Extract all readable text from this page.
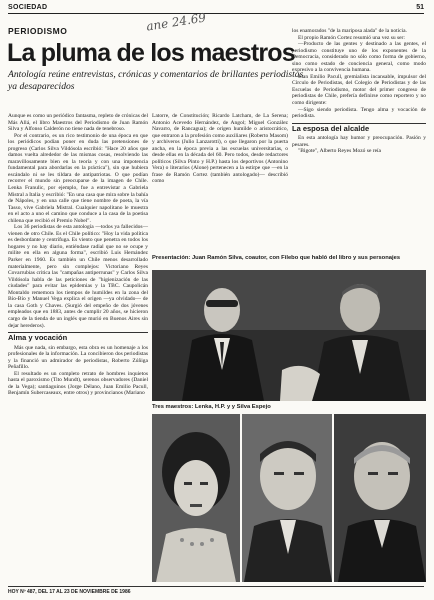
SOCIEDAD	51
ane 24.69
PERIODISMO
La pluma de los maestros
Antología reúne entrevistas, crónicas y comentarios de brillantes periodistas ya desaparecidos

Aunque es como un periódico fantasma, repleto de crónicas del Más Allá, el libro Maestros del Periodismo de Juan Ramón Silva y Alfonso Calderón no tiene nada de tenebroso.

Por el contrario, es un rico testimonio de una época en que los periódicos podían poner en duda las pretensiones de progreso (Carlos Silva Vildósola escribió: "Hace 20 años que damos vuelta alrededor de las mismas cosas, resolviendo las maravillosamente bien en la teoría y con una impotencia fundamental para abordarlas en la práctica"), sin que hubiera escándalo ni se les tildara de antipatriotas. O que podían recorrer el mundo sin preocuparse de la imagen de Chile. Lenka Franulic, por ejemplo, fue a entrevistar a Gabriela Mistral a Italia y escribió: "En una casa que mira sobre la bahía de Nápoles, y en una calle que tiene nombre de poeta, la vía Tasso, vive Gabriela Mistral. Cualquier napolitano le muestra en el acto a uno el camino que conduce a la casa de la poetisa chilena que recibió el Premio Nobel".

Los 36 periodistas de esta antología —todos ya fallecidos— vienen de otro Chile. Es el Chile político: "Hoy la vida política es desbordante y centrífuga. Es viento que penetra en todos los hogares y no hay diario, entiéndase radial que no se ocupe y milite en ella en alguna forma", escribió Luis Hernández Parker en 1960. Es también un Chile menos desarrollado materialmente, pero sin complejos: Victoriano Reyes Covarrubias critica las "campañas antiperrunas" y Carlos Silva Vildósola habla de las peticiones de "higienización de las ciudades" para evitar las epidemias y la TBC. Caupolicán Montaldo rememora los tiempos de humildes en la zona del Bío-Bío y Manuel Vega explica el origen —ya olvidado— de la casa Goth y Chaves. (Surgió del empeño de dos jóvenes empleados que en 1883, antes de cumplir 20 años, se hicieron cargo de la tienda de un inglés que murió en Buenos Aires sin dejar herederos).

Alma y vocación

Más que nada, sin embargo, esta obra es un homenaje a los profesionales de la información. La concibieron dos periodistas y la financió un admirador de periodistas, Roberto Zúñiga Peñafillo.

El resultado es un completo retrato de hombres inquietos hasta el paroxismo (Tito Mundt), serenos observadores (Daniel de la Vega); santiaguinos (Jorge Délano, Juan Emilio Pacull, Benjamín Subercaseaux, entre otros) y provincianos (Mariano

Latorre, de Constitución; Ricardo Latcham, de La Serena; Antonio Acevedo Hernández, de Angol; Miguel González Navarro, de Rancagua); de origen humilde o aristocrático, que entraron a la profesión como auxiliares (Roberto Masom) y archiveros (Julio Lanzarotti), o que llegaron por la puerta ancha, en la época previa a las escuelas universitarias, o desde ellas en la década del 60. Pero todos, desde redactores políticos (Silva Pinto y H.P.) hasta los deportivos (Antonino Vera) o literarios (Alone) pertenecen a la estirpe que —en la frase de Ramón Cortez (también antologado)— describió como

los enamorados "de la mariposa alada" de la noticia.

El propio Ramón Cortez resumió una vez su ser:

—Producto de las gentes y destinado a las gentes, el periodismo constituye uno de los exponentes de la Democracia, considerado no sólo como forma de gobierno, sino como estado de conciencia general, como modo expresivo a la convivencia humana.

Juan Emilio Pacull, gremialista incansable, impulsor del Círculo de Periodistas, del Colegio de Periodistas y de las Escuelas de Periodismo, motor del primer congreso de periodistas de Chile, prefería definirse como reportero y no como dirigente:

—Sigo siendo periodista. Tengo alma y vocación de periodista.

La esposa del alcalde

En esta antología hay humor y preocupación. Pasión y pesares.

"Bigote", Alberto Reyes Mozó se reía

Presentación: Juan Ramón Silva, coautor, con Filebo que habló del libro y sus personajes
Tres maestros: Lenka, H.P. y y Silva Espejo
HOY Nº 487, DEL 17 AL 23 DE NOVIEMBRE DE 1986
